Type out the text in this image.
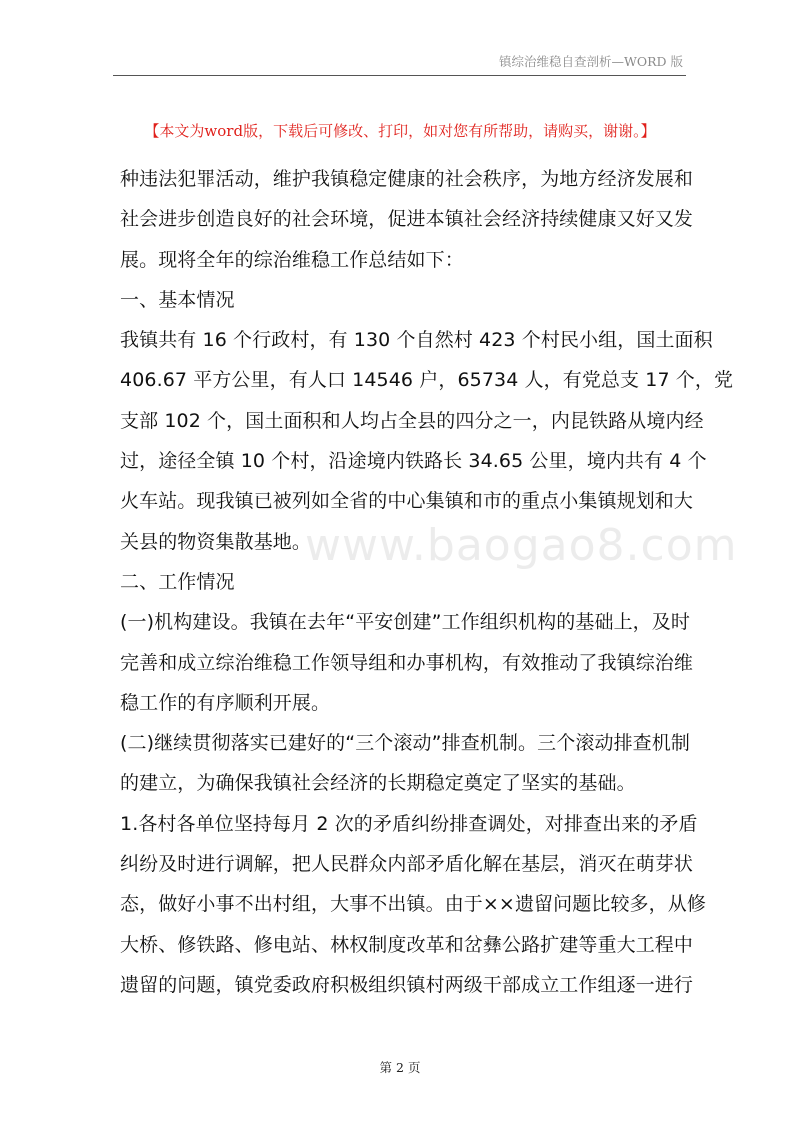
镇综治维稳自查剖析—WORD 版
【本文为word版，下载后可修改、打印，如对您有所帮助，请购买，谢谢。】
www.baogao8.com
种违法犯罪活动，维护我镇稳定健康的社会秩序，为地方经济发展和
社会进步创造良好的社会环境，促进本镇社会经济持续健康又好又发
展。现将全年的综治维稳工作总结如下：
一、基本情况
我镇共有 16 个行政村，有 130 个自然村 423 个村民小组，国土面积
406.67 平方公里，有人口 14546 户，65734 人，有党总支 17 个，党
支部 102 个，国土面积和人均占全县的四分之一，内昆铁路从境内经
过，途径全镇 10 个村，沿途境内铁路长 34.65 公里，境内共有 4 个
火车站。现我镇已被列如全省的中心集镇和市的重点小集镇规划和大
关县的物资集散基地。
二、工作情况
(一)机构建设。我镇在去年“平安创建”工作组织机构的基础上，及时
完善和成立综治维稳工作领导组和办事机构，有效推动了我镇综治维
稳工作的有序顺利开展。
(二)继续贯彻落实已建好的“三个滚动”排查机制。三个滚动排查机制
的建立，为确保我镇社会经济的长期稳定奠定了坚实的基础。
1.各村各单位坚持每月 2 次的矛盾纠纷排查调处，对排查出来的矛盾
纠纷及时进行调解，把人民群众内部矛盾化解在基层，消灭在萌芽状
态，做好小事不出村组，大事不出镇。由于××遗留问题比较多，从修
大桥、修铁路、修电站、林权制度改革和岔彝公路扩建等重大工程中
遗留的问题，镇党委政府积极组织镇村两级干部成立工作组逐一进行
第 2 页
